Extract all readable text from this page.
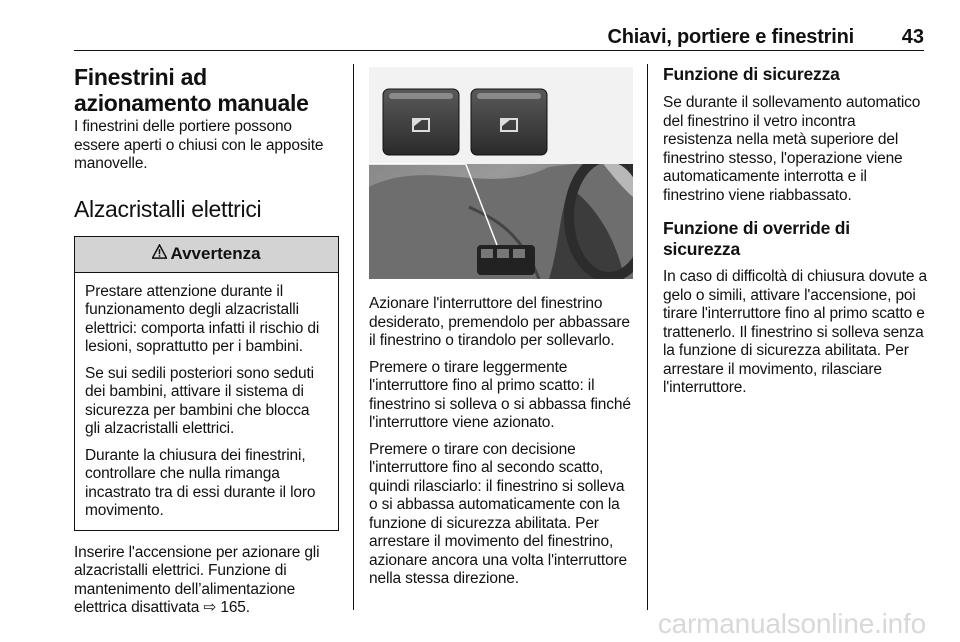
Chiavi, portiere e finestrini 43
Finestrini ad azionamento manuale

I finestrini delle portiere possono essere aperti o chiusi con le apposite manovelle.

Alzacristalli elettrici
Avvertenza

Prestare attenzione durante il funzionamento degli alzacristalli elettrici: comporta infatti il rischio di lesioni, soprattutto per i bambini.

Se sui sedili posteriori sono seduti dei bambini, attivare il sistema di sicurezza per bambini che blocca gli alzacristalli elettrici.

Durante la chiusura dei finestrini, controllare che nulla rimanga incastrato tra di essi durante il loro movimento.

Inserire l'accensione per azionare gli alzacristalli elettrici. Funzione di mantenimento dell’alimentazione elettrica disattivata ⇨ 165.

Azionare l'interruttore del finestrino desiderato, premendolo per abbassare il finestrino o tirandolo per sollevarlo.

Premere o tirare leggermente l'interruttore fino al primo scatto: il finestrino si solleva o si abbassa finché l'interruttore viene azionato.

Premere o tirare con decisione l'interruttore fino al secondo scatto, quindi rilasciarlo: il finestrino si solleva o si abbassa automaticamente con la funzione di sicurezza abilitata. Per arrestare il movimento del finestrino, azionare ancora una volta l'interruttore nella stessa direzione.

Funzione di sicurezza

Se durante il sollevamento automatico del finestrino il vetro incontra resistenza nella metà superiore del finestrino stesso, l'operazione viene automaticamente interrotta e il finestrino viene riabbassato.

Funzione di override di sicurezza

In caso di difficoltà di chiusura dovute a gelo o simili, attivare l'accensione, poi tirare l'interruttore fino al primo scatto e trattenerlo. Il finestrino si solleva senza la funzione di sicurezza abilitata. Per arrestare il movimento, rilasciare l'interruttore.

carmanualsonline.info
